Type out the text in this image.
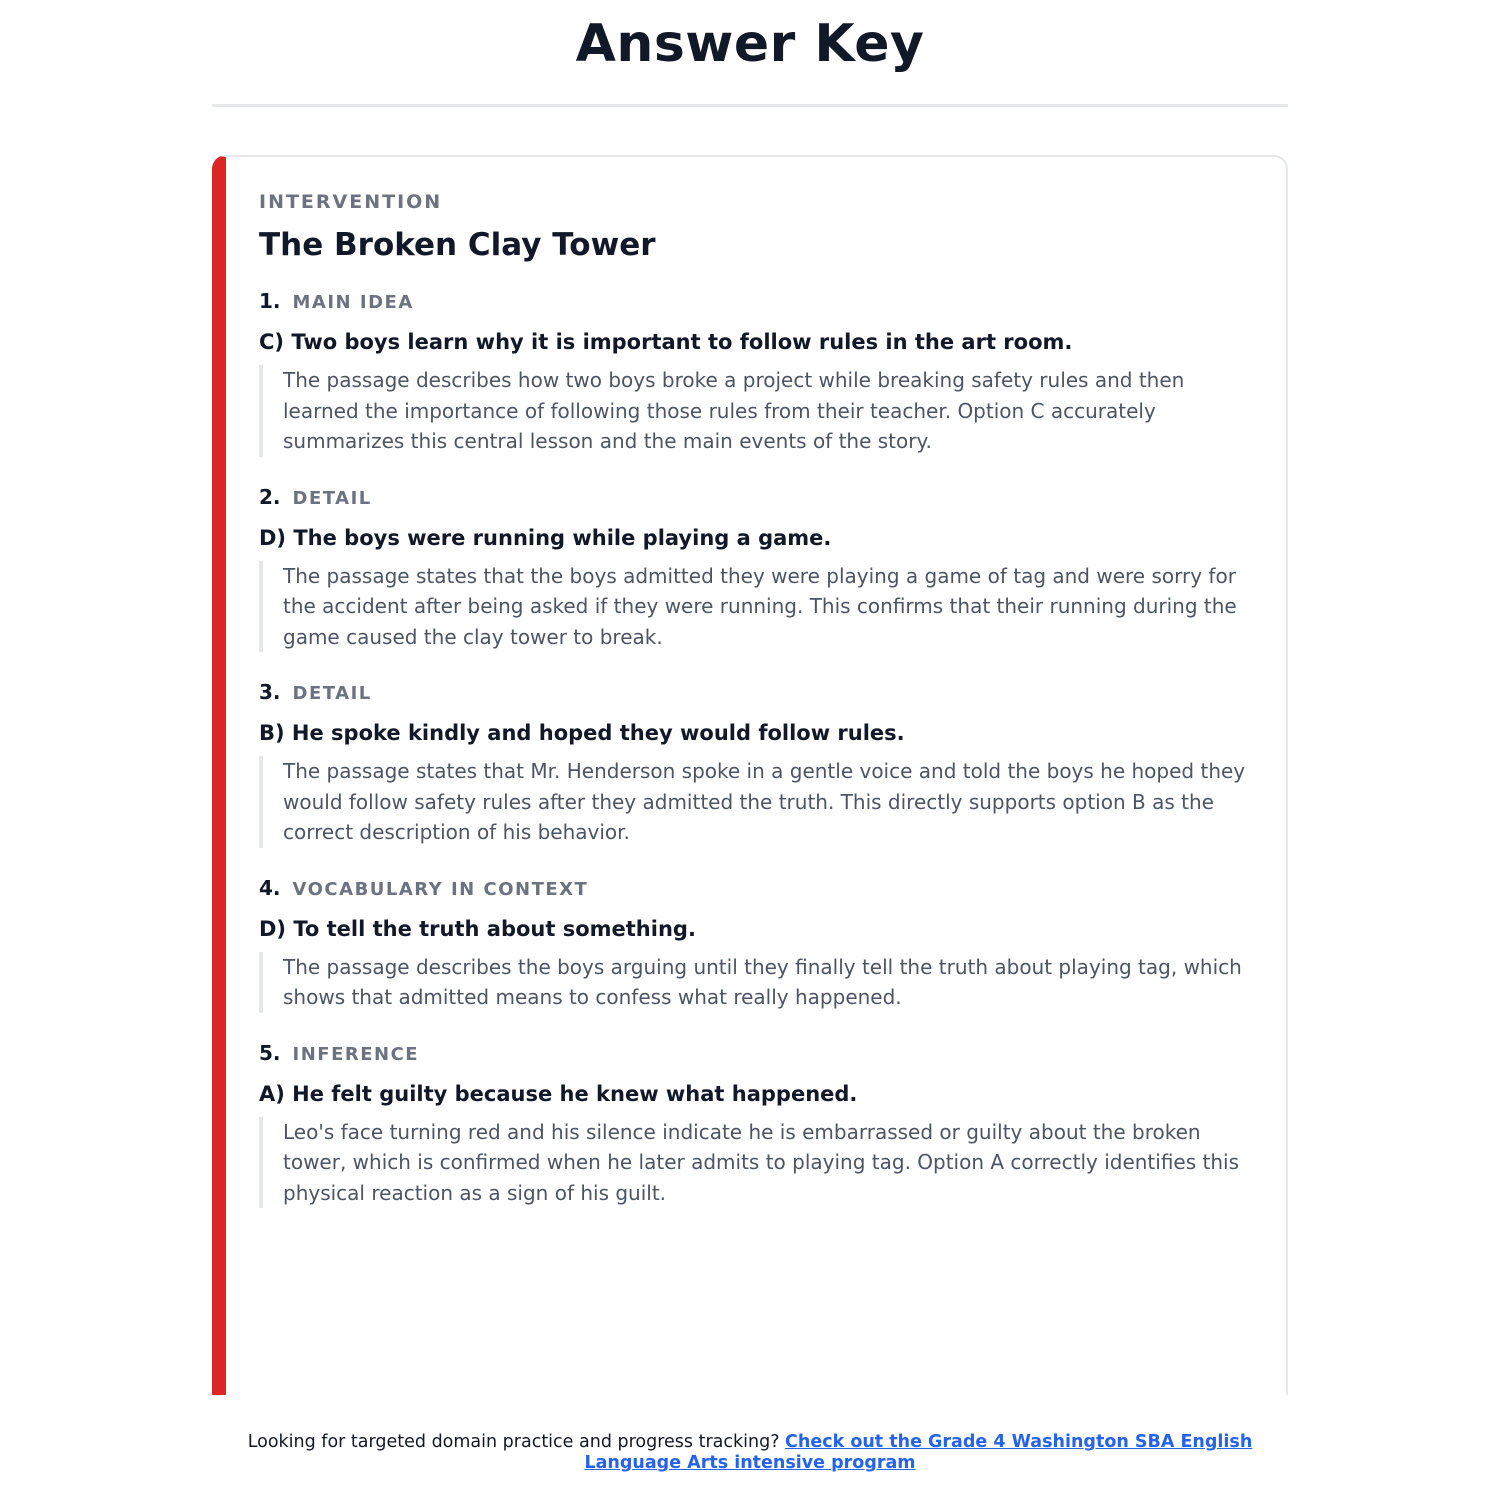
Answer Key
INTERVENTION
The Broken Clay Tower
1. MAIN IDEA
C) Two boys learn why it is important to follow rules in the art room.
The passage describes how two boys broke a project while breaking safety rules and then learned the importance of following those rules from their teacher. Option C accurately summarizes this central lesson and the main events of the story.
2. DETAIL
D) The boys were running while playing a game.
The passage states that the boys admitted they were playing a game of tag and were sorry for the accident after being asked if they were running. This confirms that their running during the game caused the clay tower to break.
3. DETAIL
B) He spoke kindly and hoped they would follow rules.
The passage states that Mr. Henderson spoke in a gentle voice and told the boys he hoped they would follow safety rules after they admitted the truth. This directly supports option B as the correct description of his behavior.
4. VOCABULARY IN CONTEXT
D) To tell the truth about something.
The passage describes the boys arguing until they finally tell the truth about playing tag, which shows that admitted means to confess what really happened.
5. INFERENCE
A) He felt guilty because he knew what happened.
Leo's face turning red and his silence indicate he is embarrassed or guilty about the broken tower, which is confirmed when he later admits to playing tag. Option A correctly identifies this physical reaction as a sign of his guilt.
Looking for targeted domain practice and progress tracking? Check out the Grade 4 Washington SBA English Language Arts intensive program
